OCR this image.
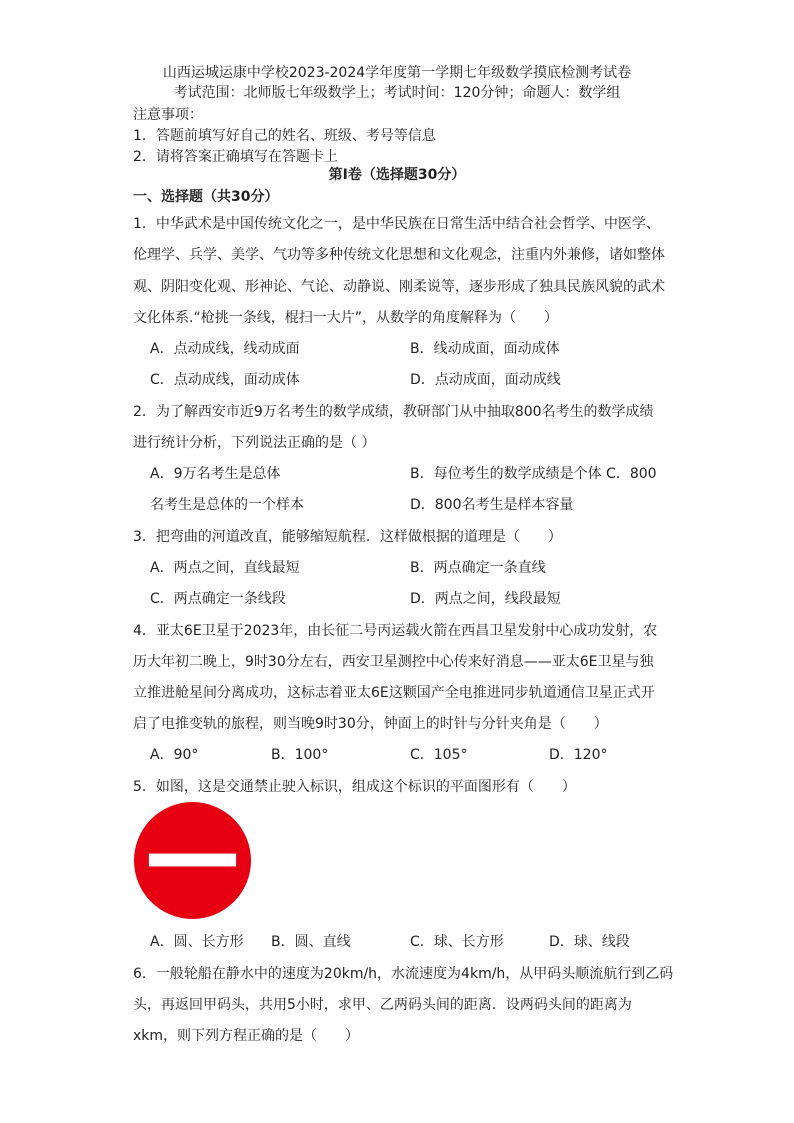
山西运城运康中学校2023-2024学年度第一学期七年级数学摸底检测考试卷
考试范围：北师版七年级数学上；考试时间：120分钟；命题人：数学组
注意事项：
1．答题前填写好自己的姓名、班级、考号等信息
2．请将答案正确填写在答题卡上
第I卷（选择题30分）
一、选择题（共30分）
1．中华武术是中国传统文化之一，是中华民族在日常生活中结合社会哲学、中医学、
伦理学、兵学、美学、气功等多种传统文化思想和文化观念，注重内外兼修，诸如整体
观、阴阳变化观、形神论、气论、动静说、刚柔说等，逐步形成了独具民族风貌的武术
文化体系.“枪挑一条线，棍扫一大片”，从数学的角度解释为（　　）
A．点动成线，线动成面	B．线动成面，面动成体
C．点动成线，面动成体	D．点动成面，面动成线
2．为了解西安市近9万名考生的数学成绩，教研部门从中抽取800名考生的数学成绩
进行统计分析，下列说法正确的是（ ）
A．9万名考生是总体	B．每位考生的数学成绩是个体 C．800
名考生是总体的一个样本	D．800名考生是样本容量
3．把弯曲的河道改直，能够缩短航程．这样做根据的道理是（　　）
A．两点之间，直线最短	B．两点确定一条直线
C．两点确定一条线段	D．两点之间，线段最短
4．亚太6E卫星于2023年，由长征二号丙运载火箭在西昌卫星发射中心成功发射，农
历大年初二晚上，9时30分左右，西安卫星测控中心传来好消息——亚太6E卫星与独
立推进舱星间分离成功，这标志着亚太6E这颗国产全电推进同步轨道通信卫星正式开
启了电推变轨的旅程，则当晚9时30分，钟面上的时针与分针夹角是（　　）
A．90°	B．100°	C．105°	D．120°
5．如图，这是交通禁止驶入标识，组成这个标识的平面图形有（　　）
A．圆、长方形 B．圆、直线	C．球、长方形	D．球、线段
6．一般轮船在静水中的速度为20km/h，水流速度为4km/h，从甲码头顺流航行到乙码
头，再返回甲码头，共用5小时，求甲、乙两码头间的距离．设两码头间的距离为
xkm，则下列方程正确的是（　　）
